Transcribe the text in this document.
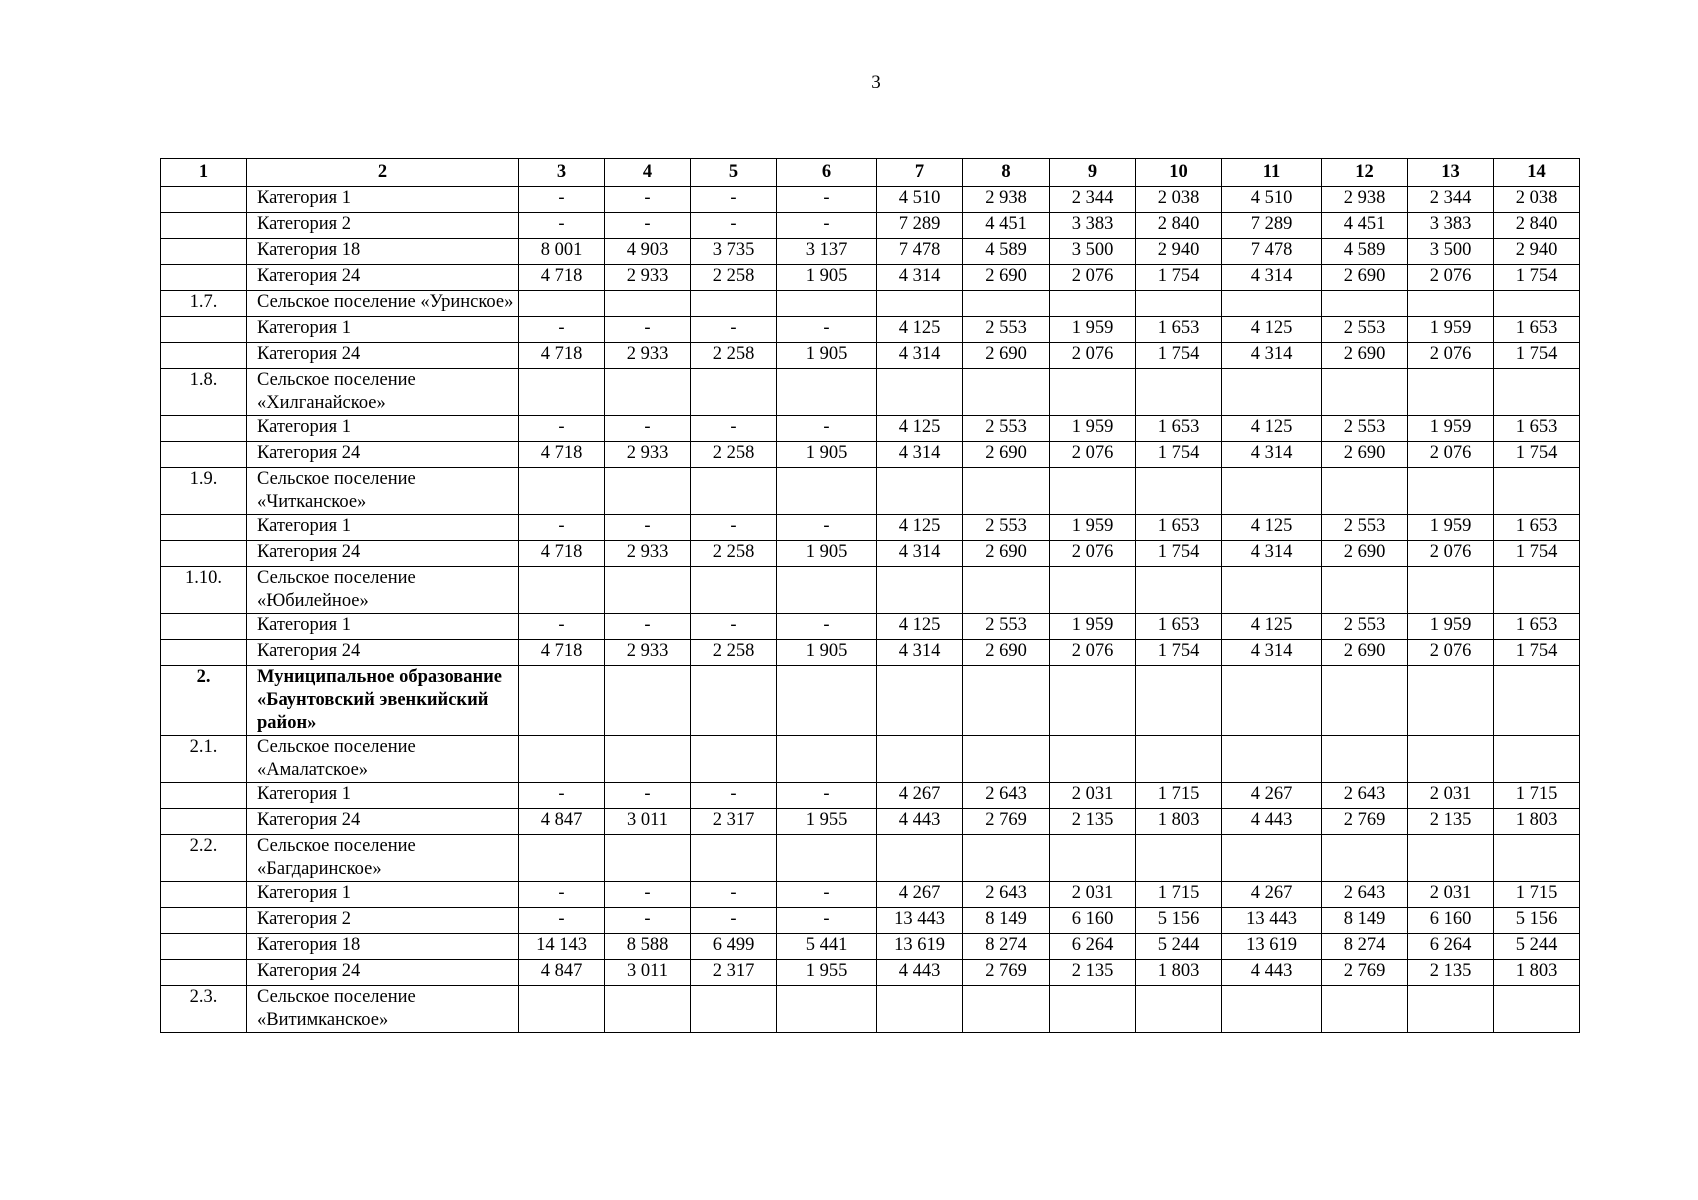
3
1	2	3	4	5	6	7	8	9	10	11	12	13	14
	Категория 1	-	-	-	-	4 510	2 938	2 344	2 038	4 510	2 938	2 344	2 038
	Категория 2	-	-	-	-	7 289	4 451	3 383	2 840	7 289	4 451	3 383	2 840
	Категория 18	8 001	4 903	3 735	3 137	7 478	4 589	3 500	2 940	7 478	4 589	3 500	2 940
	Категория 24	4 718	2 933	2 258	1 905	4 314	2 690	2 076	1 754	4 314	2 690	2 076	1 754
1.7.	Сельское поселение «Уринское»												
	Категория 1	-	-	-	-	4 125	2 553	1 959	1 653	4 125	2 553	1 959	1 653
	Категория 24	4 718	2 933	2 258	1 905	4 314	2 690	2 076	1 754	4 314	2 690	2 076	1 754
1.8.	Сельское поселение «Хилганайское»												
	Категория 1	-	-	-	-	4 125	2 553	1 959	1 653	4 125	2 553	1 959	1 653
	Категория 24	4 718	2 933	2 258	1 905	4 314	2 690	2 076	1 754	4 314	2 690	2 076	1 754
1.9.	Сельское поселение «Читканское»												
	Категория 1	-	-	-	-	4 125	2 553	1 959	1 653	4 125	2 553	1 959	1 653
	Категория 24	4 718	2 933	2 258	1 905	4 314	2 690	2 076	1 754	4 314	2 690	2 076	1 754
1.10.	Сельское поселение «Юбилейное»												
	Категория 1	-	-	-	-	4 125	2 553	1 959	1 653	4 125	2 553	1 959	1 653
	Категория 24	4 718	2 933	2 258	1 905	4 314	2 690	2 076	1 754	4 314	2 690	2 076	1 754
2.	Муниципальное образование «Баунтовский эвенкийский район»												
2.1.	Сельское поселение «Амалатское»												
	Категория 1	-	-	-	-	4 267	2 643	2 031	1 715	4 267	2 643	2 031	1 715
	Категория 24	4 847	3 011	2 317	1 955	4 443	2 769	2 135	1 803	4 443	2 769	2 135	1 803
2.2.	Сельское поселение «Багдаринское»												
	Категория 1	-	-	-	-	4 267	2 643	2 031	1 715	4 267	2 643	2 031	1 715
	Категория 2	-	-	-	-	13 443	8 149	6 160	5 156	13 443	8 149	6 160	5 156
	Категория 18	14 143	8 588	6 499	5 441	13 619	8 274	6 264	5 244	13 619	8 274	6 264	5 244
	Категория 24	4 847	3 011	2 317	1 955	4 443	2 769	2 135	1 803	4 443	2 769	2 135	1 803
2.3.	Сельское поселение «Витимканское»												
